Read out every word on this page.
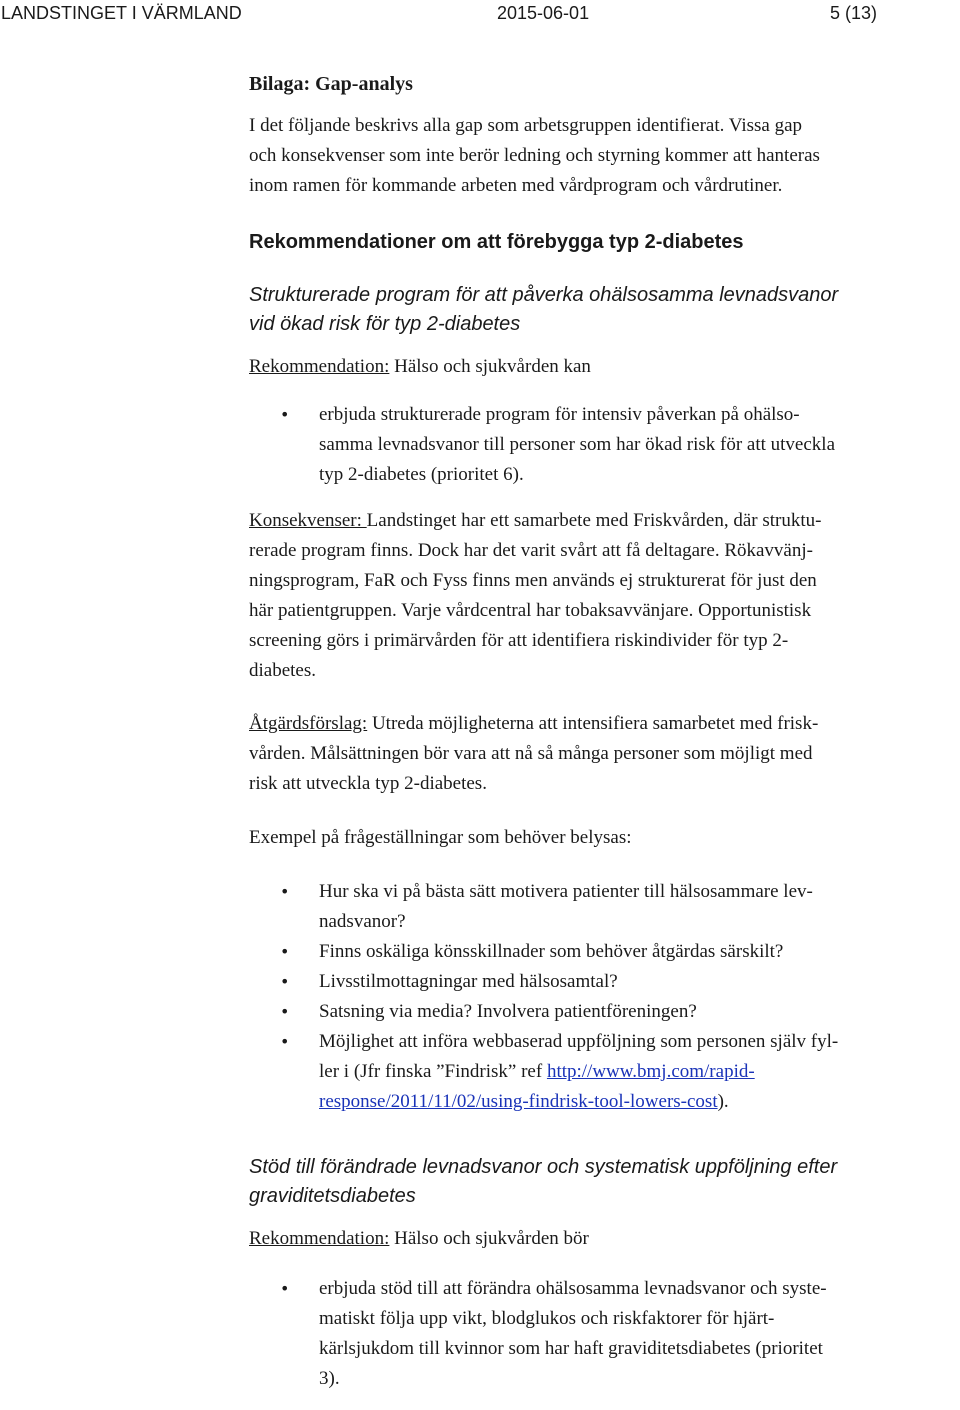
LANDSTINGET I VÄRMLAND	2015-06-01	5 (13)
Bilaga: Gap-analys
I det följande beskrivs alla gap som arbetsgruppen identifierat. Vissa gap
och konsekvenser som inte berör ledning och styrning kommer att hanteras
inom ramen för kommande arbeten med vårdprogram och vårdrutiner.
Rekommendationer om att förebygga typ 2-diabetes
Strukturerade program för att påverka ohälsosamma levnadsvanor
vid ökad risk för typ 2-diabetes
Rekommendation: Hälso och sjukvården kan
•
erbjuda strukturerade program för intensiv påverkan på ohälso-
samma levnadsvanor till personer som har ökad risk för att utveckla
typ 2-diabetes (prioritet 6).
Konsekvenser: Landstinget har ett samarbete med Friskvården, där struktu-
rerade program finns. Dock har det varit svårt att få deltagare. Rökavvänj-
ningsprogram, FaR och Fyss finns men används ej strukturerat för just den
här patientgruppen. Varje vårdcentral har tobaksavvänjare. Opportunistisk
screening görs i primärvården för att identifiera riskindivider för typ 2-
diabetes.
Åtgärdsförslag: Utreda möjligheterna att intensifiera samarbetet med frisk-
vården. Målsättningen bör vara att nå så många personer som möjligt med
risk att utveckla typ 2-diabetes.
Exempel på frågeställningar som behöver belysas:
•
Hur ska vi på bästa sätt motivera patienter till hälsosammare lev-
nadsvanor?
•
Finns oskäliga könsskillnader som behöver åtgärdas särskilt?
•
Livsstilmottagningar med hälsosamtal?
•
Satsning via media? Involvera patientföreningen?
•
Möjlighet att införa webbaserad uppföljning som personen själv fyl-
ler i (Jfr finska ”Findrisk” ref http://www.bmj.com/rapid-
response/2011/11/02/using-findrisk-tool-lowers-cost).
Stöd till förändrade levnadsvanor och systematisk uppföljning efter
graviditetsdiabetes
Rekommendation: Hälso och sjukvården bör
•
erbjuda stöd till att förändra ohälsosamma levnadsvanor och syste-
matiskt följa upp vikt, blodglukos och riskfaktorer för hjärt-
kärlsjukdom till kvinnor som har haft graviditetsdiabetes (prioritet
3).
